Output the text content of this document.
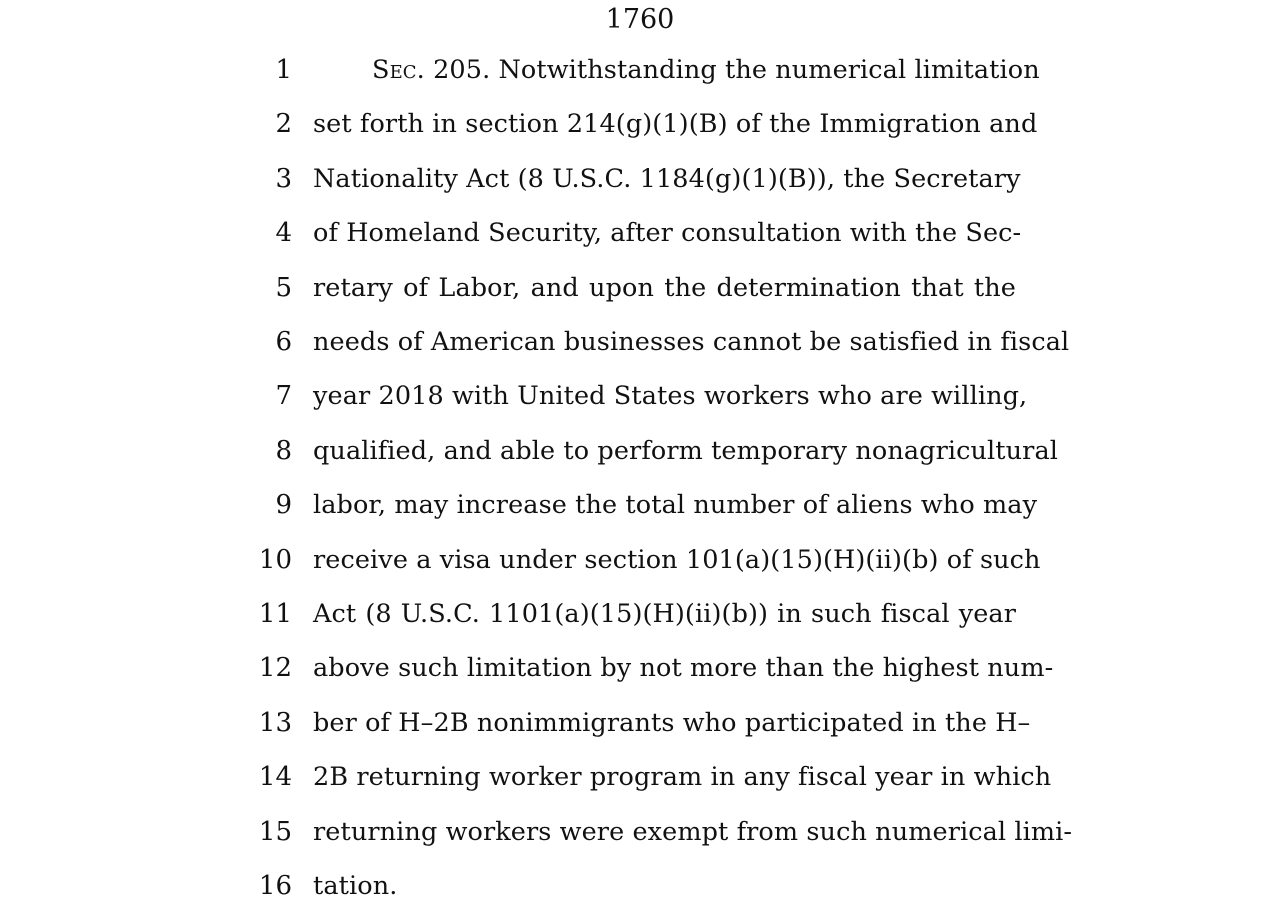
1760
1	Sec. 205. Notwithstanding the numerical limitation
2 set forth in section 214(g)(1)(B) of the Immigration and
3 Nationality Act (8 U.S.C. 1184(g)(1)(B)), the Secretary
4 of Homeland Security, after consultation with the Sec-
5 retary of Labor, and upon the determination that the
6 needs of American businesses cannot be satisfied in fiscal
7 year 2018 with United States workers who are willing,
8 qualified, and able to perform temporary nonagricultural
9 labor, may increase the total number of aliens who may
10 receive a visa under section 101(a)(15)(H)(ii)(b) of such
11 Act (8 U.S.C. 1101(a)(15)(H)(ii)(b)) in such fiscal year
12 above such limitation by not more than the highest num-
13 ber of H–2B nonimmigrants who participated in the H–
14 2B returning worker program in any fiscal year in which
15 returning workers were exempt from such numerical limi-
16 tation.
